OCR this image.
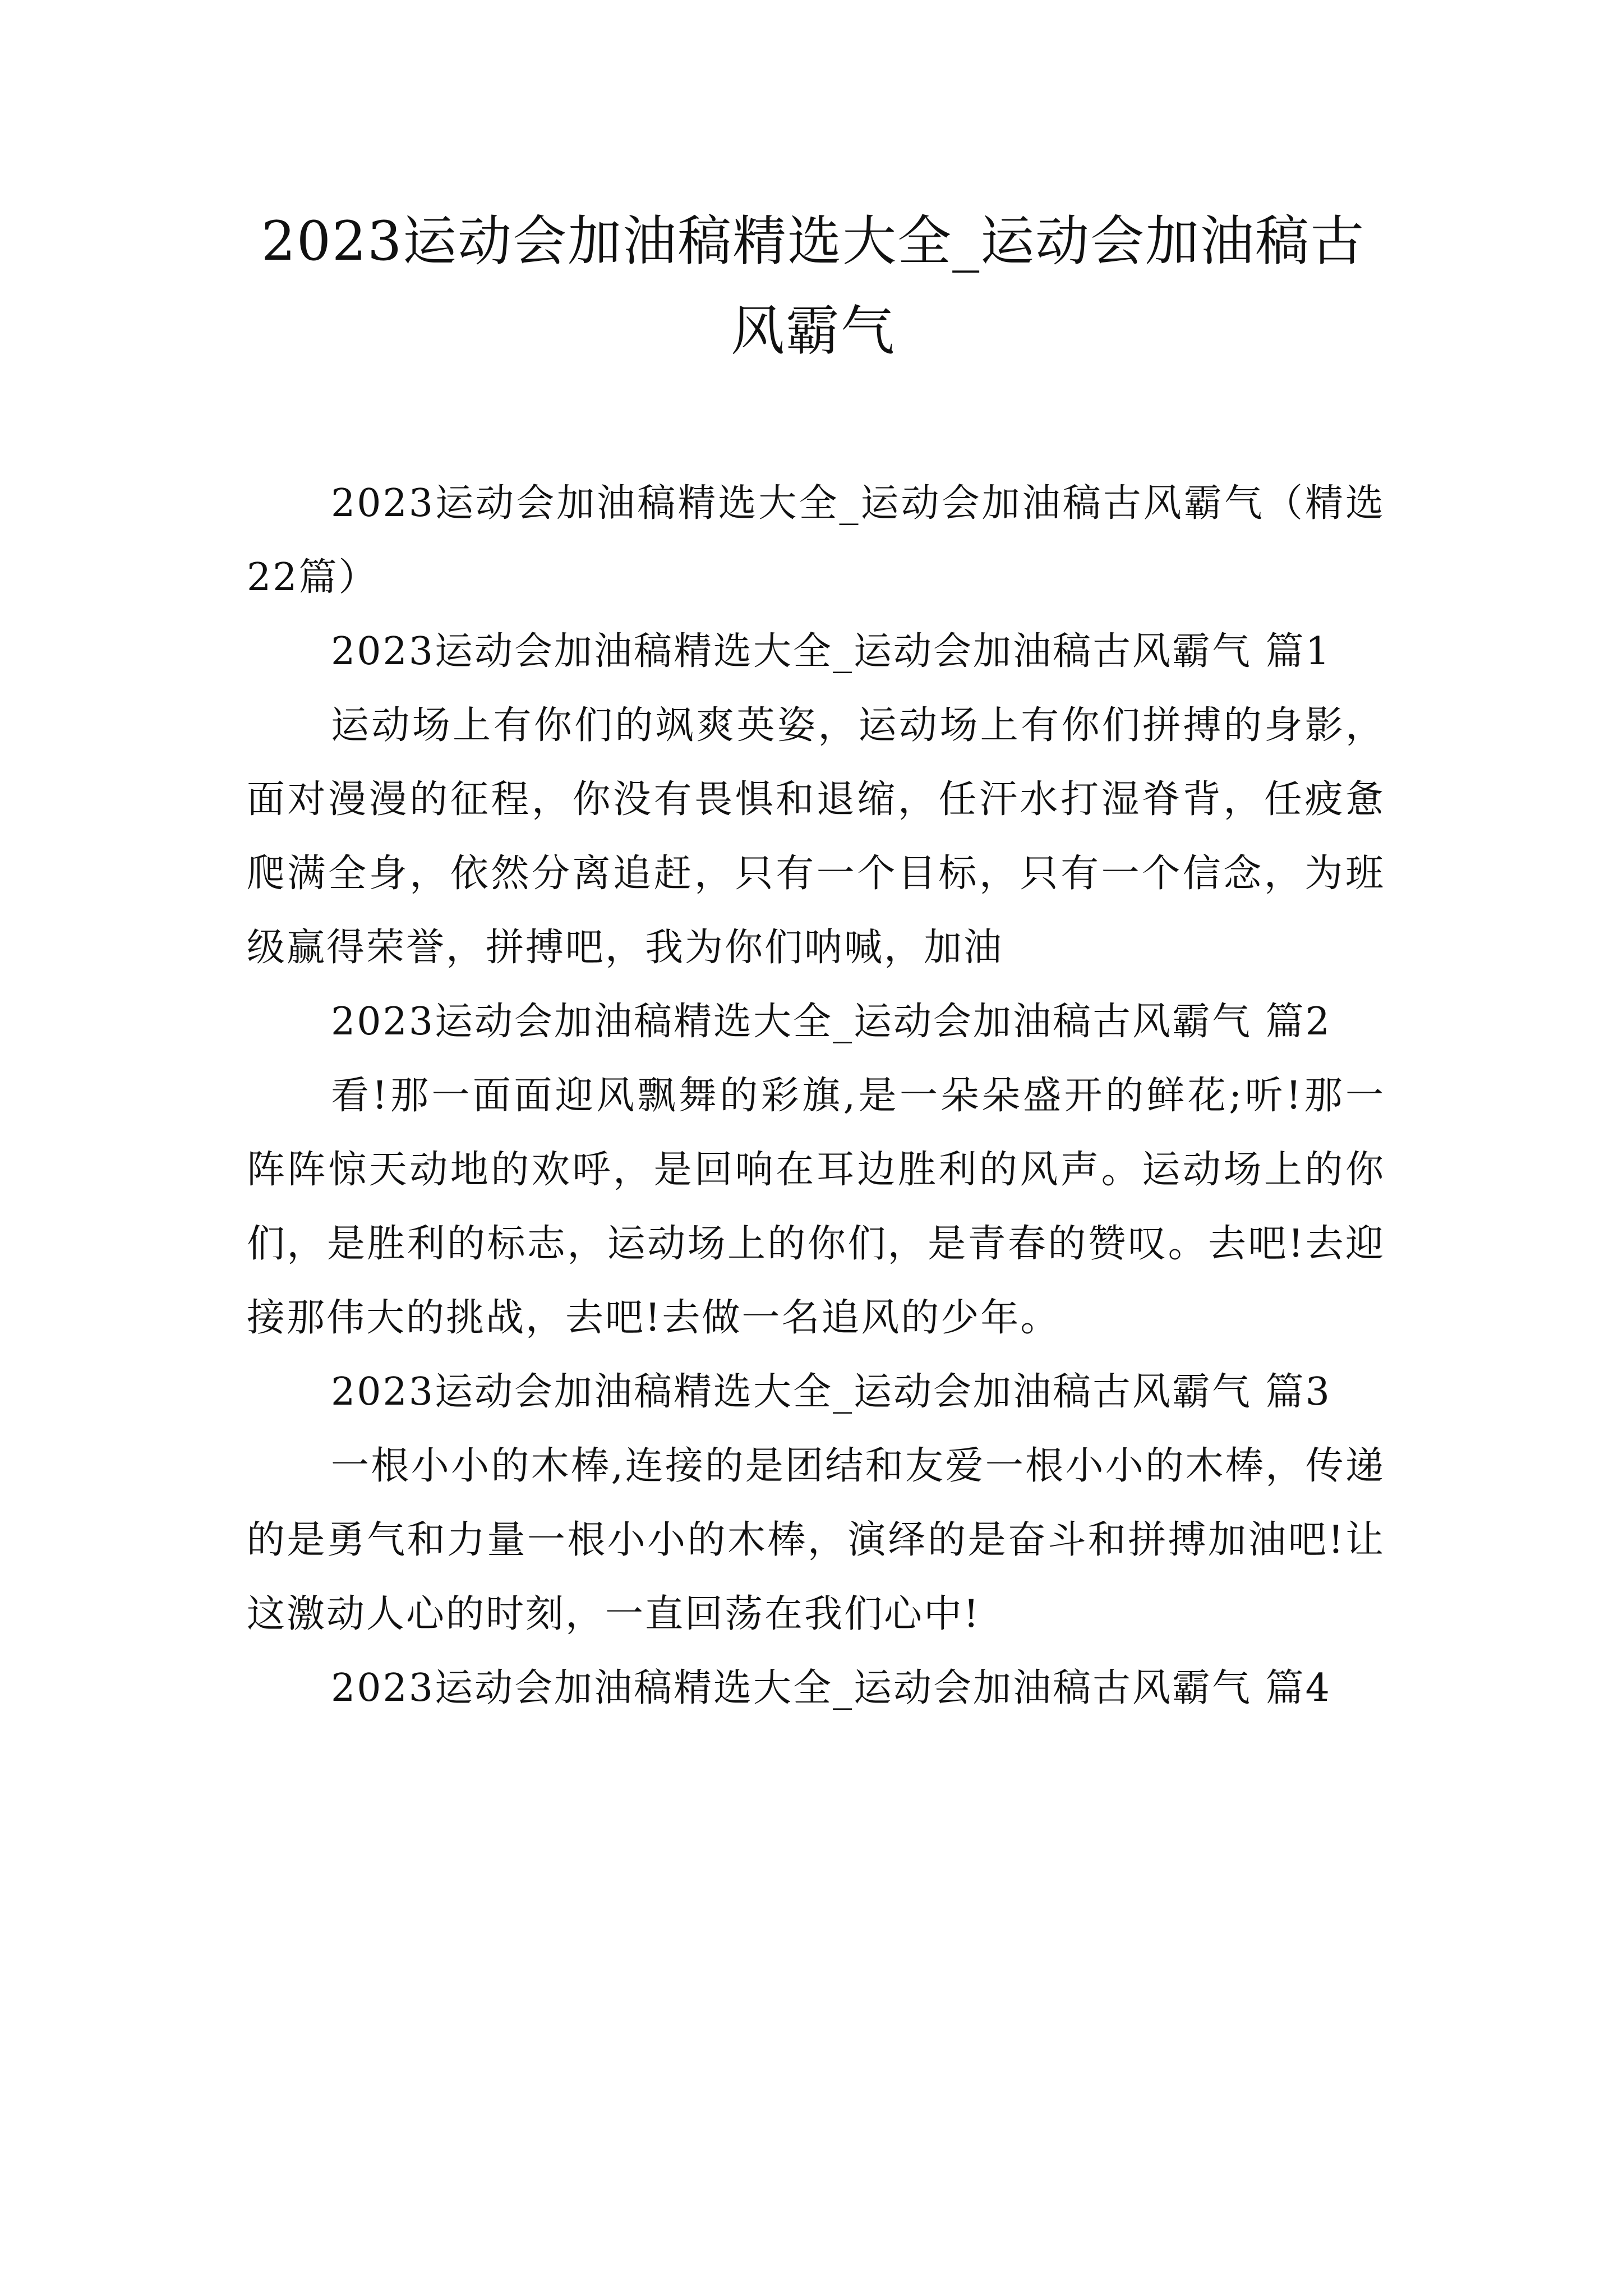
2023运动会加油稿精选大全_运动会加油稿古风霸气

2023运动会加油稿精选大全_运动会加油稿古风霸气（精选22篇）

2023运动会加油稿精选大全_运动会加油稿古风霸气 篇1

运动场上有你们的飒爽英姿，运动场上有你们拼搏的身影，面对漫漫的征程，你没有畏惧和退缩，任汗水打湿脊背，任疲惫爬满全身，依然分离追赶，只有一个目标，只有一个信念，为班级赢得荣誉，拼搏吧，我为你们呐喊，加油

2023运动会加油稿精选大全_运动会加油稿古风霸气 篇2

看!那一面面迎风飘舞的彩旗,是一朵朵盛开的鲜花;听!那一阵阵惊天动地的欢呼，是回响在耳边胜利的风声。运动场上的你们，是胜利的标志，运动场上的你们，是青春的赞叹。去吧!去迎接那伟大的挑战，去吧!去做一名追风的少年。

2023运动会加油稿精选大全_运动会加油稿古风霸气 篇3

一根小小的木棒,连接的是团结和友爱一根小小的木棒，传递的是勇气和力量一根小小的木棒，演绎的是奋斗和拼搏加油吧!让这激动人心的时刻，一直回荡在我们心中!

2023运动会加油稿精选大全_运动会加油稿古风霸气 篇4
